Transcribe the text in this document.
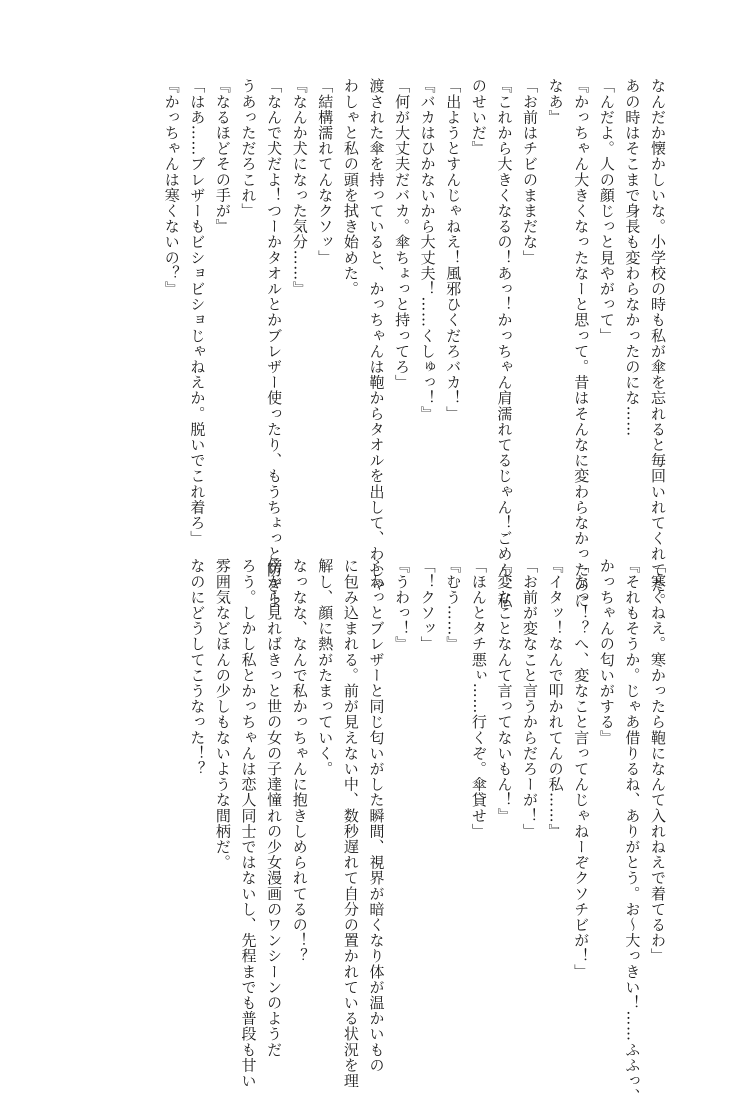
なんだか懐かしいな。小学校の時も私が傘を忘れると毎回いれてくれてた。
あの時はそこまで身長も変わらなかったのにな……
「んだよ。人の顔じっと見やがって」
『かっちゃん大きくなったなーと思って。昔はそんなに変わらなかったのに
なあ』
「お前はチビのままだな」
『これから大きくなるの！あっ！かっちゃん肩濡れてるじゃん！ごめん、私
のせいだ』
「出ようとすんじゃねえ！風邪ひくだろバカ！」
『バカはひかないから大丈夫！……くしゅっ！』
「何が大丈夫だバカ。傘ちょっと持ってろ」
渡された傘を持っていると、かっちゃんは鞄からタオルを出して、わしゃ
わしゃと私の頭を拭き始めた。
「結構濡れてんなクソッ」
『なんか犬になった気分……』
「なんで犬だよ！つーかタオルとかブレザー使ったり、もうちょっと防ぎよ
うあっただろこれ」
『なるほどその手が』
「はあ……ブレザーもビショビショじゃねえか。脱いでこれ着ろ」
『かっちゃんは寒くないの？』
「寒くねえ。寒かったら鞄になんて入れねえで着てるわ」
『それもそうか。じゃあ借りるね、ありがとう。お～大っきい！……ふふっ、
かっちゃんの匂いがする』
「なっ！？へ、変なこと言ってんじゃねーぞクソチビが！」
『イタッ！なんで叩かれてんの私……』
「お前が変なこと言うからだろーが！」
『変なことなんて言ってないもん！』
「ほんとタチ悪ぃ……行くぞ。傘貸せ」
『むう……』
「！クソッ」
『うわっ！』
ふわっとブレザーと同じ匂いがした瞬間、視界が暗くなり体が温かいもの
に包み込まれる。前が見えない中、数秒遅れて自分の置かれている状況を理
解し、顔に熱がたまっていく。
なっなな、なんで私かっちゃんに抱きしめられてるの！？
傍から見ればきっと世の女の子達憧れの少女漫画のワンシーンのようだ
ろう。しかし私とかっちゃんは恋人同士ではないし、先程までも普段も甘い
雰囲気などほんの少しもないような間柄だ。
なのにどうしてこうなった！？
